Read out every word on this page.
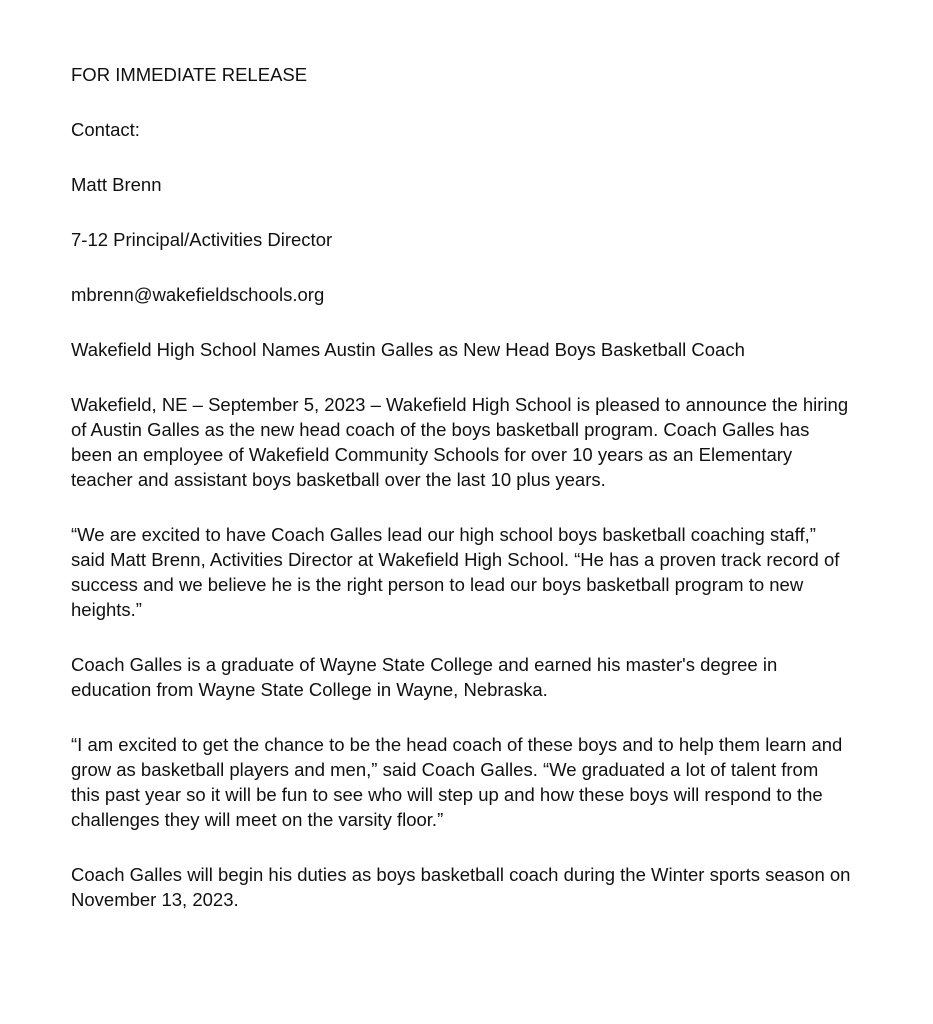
FOR IMMEDIATE RELEASE

Contact:

Matt Brenn

7-12 Principal/Activities Director

mbrenn@wakefieldschools.org

Wakefield High School Names Austin Galles as New Head Boys Basketball Coach

Wakefield, NE – September 5, 2023 – Wakefield High School is pleased to announce the hiring of Austin Galles as the new head coach of the boys basketball program. Coach Galles has been an employee of Wakefield Community Schools for over 10 years as an Elementary teacher and assistant boys basketball over the last 10 plus years.

“We are excited to have Coach Galles lead our high school boys basketball coaching staff,” said Matt Brenn, Activities Director at Wakefield High School. “He has a proven track record of success and we believe he is the right person to lead our boys basketball program to new heights.”

Coach Galles is a graduate of Wayne State College and earned his master's degree in education from Wayne State College in Wayne, Nebraska.

“I am excited to get the chance to be the head coach of these boys and to help them learn and grow as basketball players and men,” said Coach Galles. “We graduated a lot of talent from this past year so it will be fun to see who will step up and how these boys will respond to the challenges they will meet on the varsity floor.”

Coach Galles will begin his duties as boys basketball coach during the Winter sports season on November 13, 2023.
